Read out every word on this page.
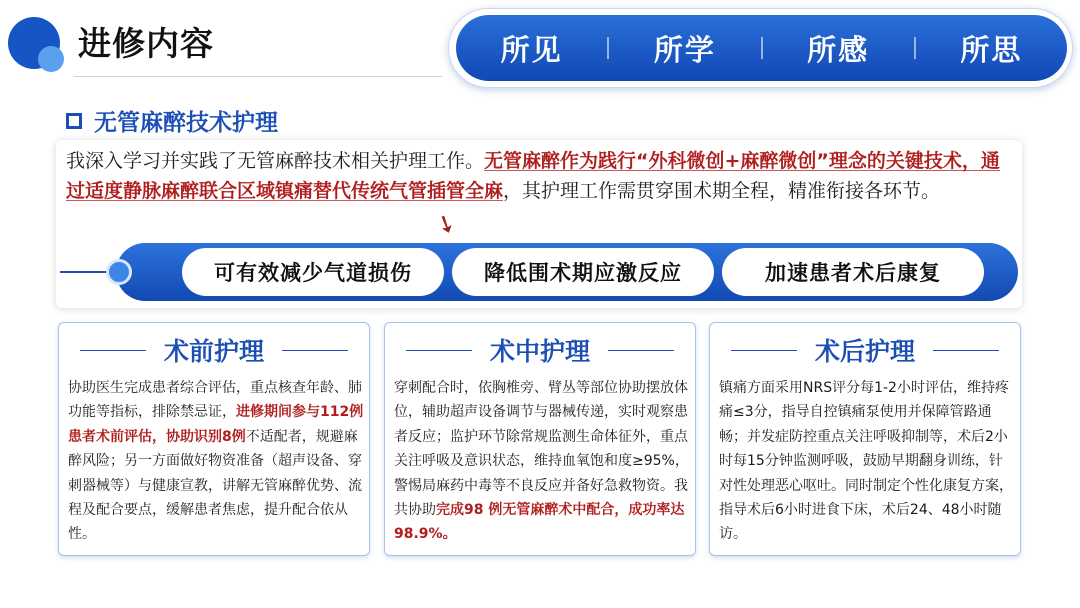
进修内容	所见	所学	所感	所思
无管麻醉技术护理
我深入学习并实践了无管麻醉技术相关护理工作。无管麻醉作为践行“外科微创+麻醉微创”理念的关键技术，通过适度静脉麻醉联合区域镇痛替代传统气管插管全麻，其护理工作需贯穿围术期全程，精准衔接各环节。
➘
可有效减少气道损伤	降低围术期应激反应	加速患者术后康复
术前护理
协助医生完成患者综合评估，重点核查年龄、肺功能等指标，排除禁忌证，进修期间参与112例患者术前评估，协助识别8例不适配者，规避麻醉风险；另一方面做好物资准备（超声设备、穿刺器械等）与健康宣教，讲解无管麻醉优势、流程及配合要点，缓解患者焦虑，提升配合依从性。
术中护理
穿刺配合时，依胸椎旁、臂丛等部位协助摆放体位，辅助超声设备调节与器械传递，实时观察患者反应；监护环节除常规监测生命体征外，重点关注呼吸及意识状态，维持血氧饱和度≥95%，警惕局麻药中毒等不良反应并备好急救物资。我共协助完成98 例无管麻醉术中配合，成功率达 98.9%。
术后护理
镇痛方面采用NRS评分每1-2小时评估，维持疼痛≤3分，指导自控镇痛泵使用并保障管路通畅；并发症防控重点关注呼吸抑制等，术后2小时每15分钟监测呼吸，鼓励早期翻身训练，针对性处理恶心呕吐。同时制定个性化康复方案，指导术后6小时进食下床，术后24、48小时随访。
